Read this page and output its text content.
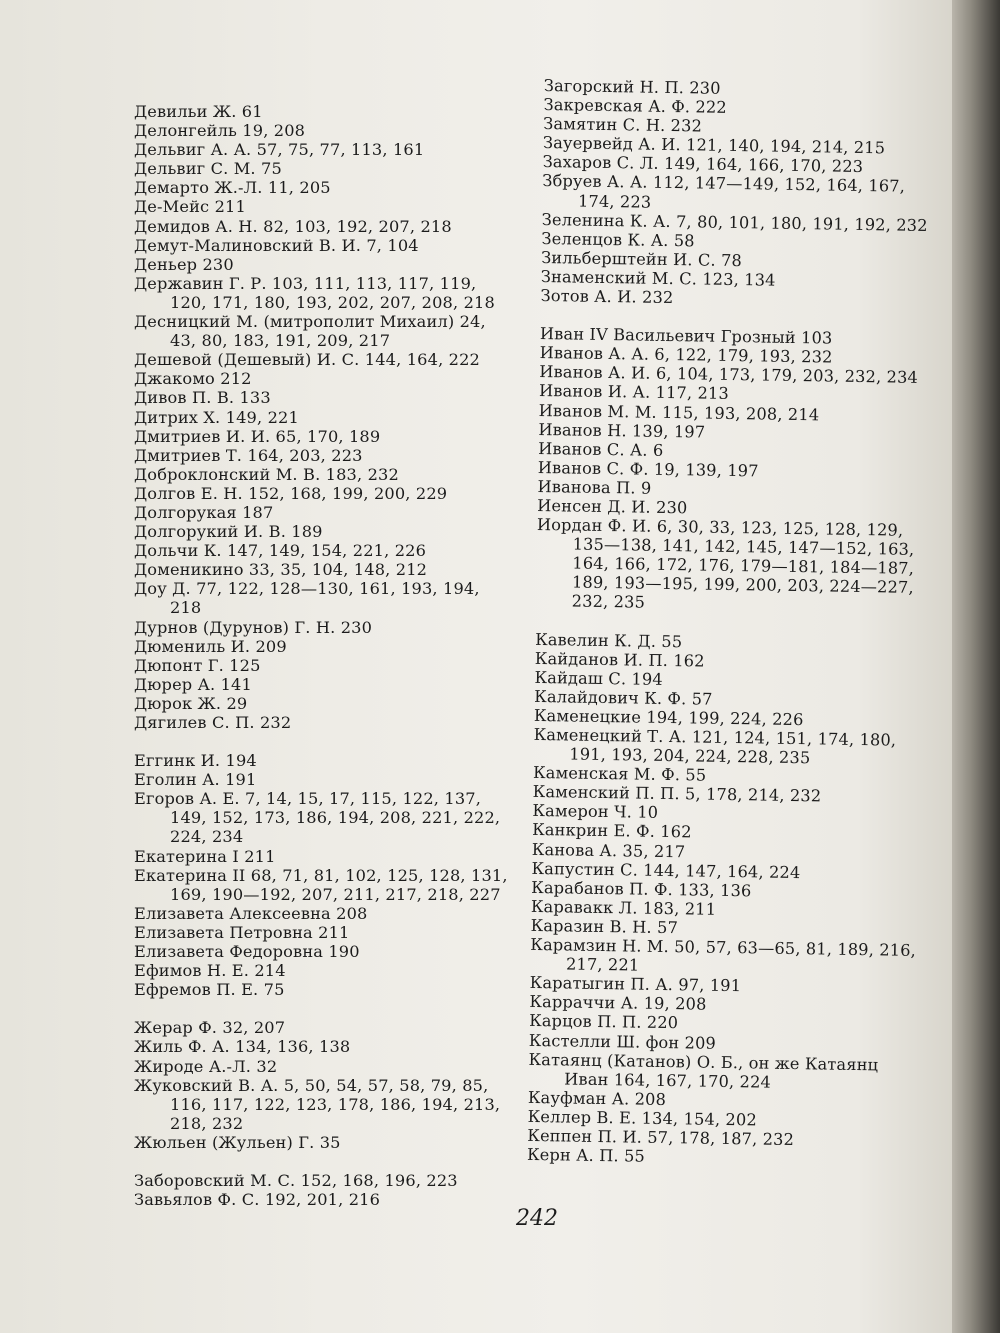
Девильи Ж. 61
Делонгейль 19, 208
Дельвиг А. А. 57, 75, 77, 113, 161
Дельвиг С. М. 75
Демарто Ж.-Л. 11, 205
Де-Мейс 211
Демидов А. Н. 82, 103, 192, 207, 218
Демут-Малиновский В. И. 7, 104
Деньер 230
Державин Г. Р. 103, 111, 113, 117, 119, 120, 171, 180, 193, 202, 207, 208, 218
Десницкий М. (митрополит Михаил) 24, 43, 80, 183, 191, 209, 217
Дешевой (Дешевый) И. С. 144, 164, 222
Джакомо 212
Дивов П. В. 133
Дитрих Х. 149, 221
Дмитриев И. И. 65, 170, 189
Дмитриев Т. 164, 203, 223
Доброклонский М. В. 183, 232
Долгов Е. Н. 152, 168, 199, 200, 229
Долгорукая 187
Долгорукий И. В. 189
Дольчи К. 147, 149, 154, 221, 226
Доменикино 33, 35, 104, 148, 212
Доу Д. 77, 122, 128—130, 161, 193, 194, 218
Дурнов (Дурунов) Г. Н. 230
Дюмениль И. 209
Дюпонт Г. 125
Дюрер А. 141
Дюрок Ж. 29
Дягилев С. П. 232
Еггинк И. 194
Еголин А. 191
Егоров А. Е. 7, 14, 15, 17, 115, 122, 137, 149, 152, 173, 186, 194, 208, 221, 222, 224, 234
Екатерина I 211
Екатерина II 68, 71, 81, 102, 125, 128, 131, 169, 190—192, 207, 211, 217, 218, 227
Елизавета Алексеевна 208
Елизавета Петровна 211
Елизавета Федоровна 190
Ефимов Н. Е. 214
Ефремов П. Е. 75
Жерар Ф. 32, 207
Жиль Ф. А. 134, 136, 138
Жироде А.-Л. 32
Жуковский В. А. 5, 50, 54, 57, 58, 79, 85, 116, 117, 122, 123, 178, 186, 194, 213, 218, 232
Жюльен (Жульен) Г. 35
Заборовский М. С. 152, 168, 196, 223
Завьялов Ф. С. 192, 201, 216
Загорский Н. П. 230
Закревская А. Ф. 222
Замятин С. Н. 232
Зауервейд А. И. 121, 140, 194, 214, 215
Захаров С. Л. 149, 164, 166, 170, 223
Збруев А. А. 112, 147—149, 152, 164, 167, 174, 223
Зеленина К. А. 7, 80, 101, 180, 191, 192, 232
Зеленцов К. А. 58
Зильберштейн И. С. 78
Знаменский М. С. 123, 134
Зотов А. И. 232
Иван IV Васильевич Грозный 103
Иванов А. А. 6, 122, 179, 193, 232
Иванов А. И. 6, 104, 173, 179, 203, 232, 234
Иванов И. А. 117, 213
Иванов М. М. 115, 193, 208, 214
Иванов Н. 139, 197
Иванов С. А. 6
Иванов С. Ф. 19, 139, 197
Иванова П. 9
Иенсен Д. И. 230
Иордан Ф. И. 6, 30, 33, 123, 125, 128, 129, 135—138, 141, 142, 145, 147—152, 163, 164, 166, 172, 176, 179—181, 184—187, 189, 193—195, 199, 200, 203, 224—227, 232, 235
Кавелин К. Д. 55
Кайданов И. П. 162
Кайдаш С. 194
Калайдович К. Ф. 57
Каменецкие 194, 199, 224, 226
Каменецкий Т. А. 121, 124, 151, 174, 180, 191, 193, 204, 224, 228, 235
Каменская М. Ф. 55
Каменский П. П. 5, 178, 214, 232
Камерон Ч. 10
Канкрин Е. Ф. 162
Канова А. 35, 217
Капустин С. 144, 147, 164, 224
Карабанов П. Ф. 133, 136
Каравакк Л. 183, 211
Каразин В. Н. 57
Карамзин Н. М. 50, 57, 63—65, 81, 189, 216, 217, 221
Каратыгин П. А. 97, 191
Карраччи А. 19, 208
Карцов П. П. 220
Кастелли Ш. фон 209
Катаянц (Катанов) О. Б., он же Катаянц Иван 164, 167, 170, 224
Кауфман А. 208
Келлер В. Е. 134, 154, 202
Кеппен П. И. 57, 178, 187, 232
Керн А. П. 55
242
